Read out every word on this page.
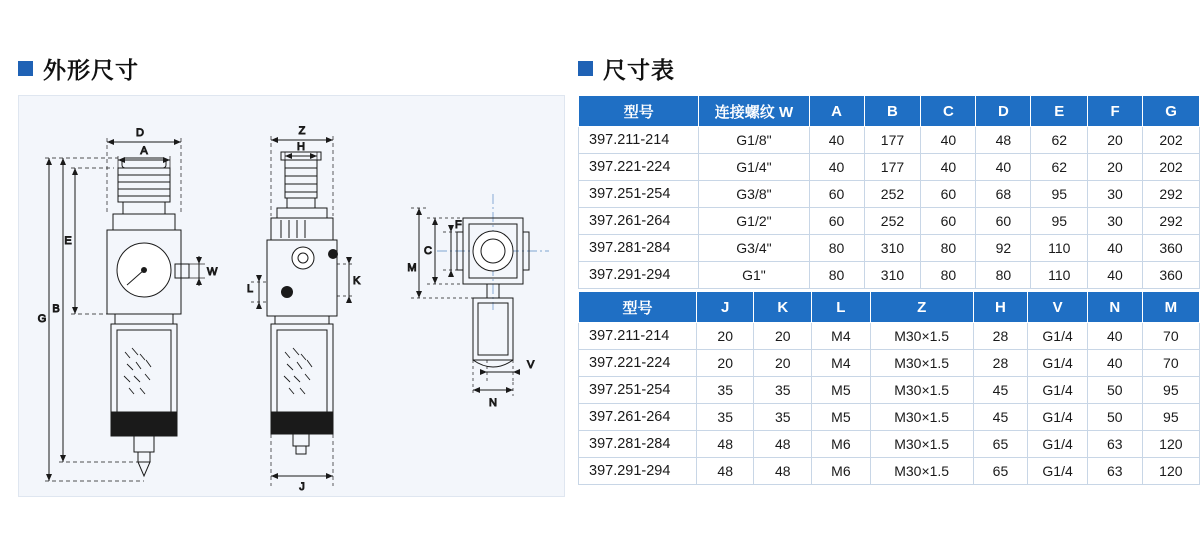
外形尺寸	尺寸表
D
A
E
W
B
G
Z
H
K
L
J
F
C
M
V
N
型号	连接螺纹 W	A	B	C	D	E	F	G
397.211-214	G1/8"	40	177	40	48	62	20	202
397.221-224	G1/4"	40	177	40	40	62	20	202
397.251-254	G3/8"	60	252	60	68	95	30	292
397.261-264	G1/2"	60	252	60	60	95	30	292
397.281-284	G3/4"	80	310	80	92	110	40	360
397.291-294	G1"	80	310	80	80	110	40	360
型号	J	K	L	Z	H	V	N	M
397.211-214	20	20	M4	M30×1.5	28	G1/4	40	70
397.221-224	20	20	M4	M30×1.5	28	G1/4	40	70
397.251-254	35	35	M5	M30×1.5	45	G1/4	50	95
397.261-264	35	35	M5	M30×1.5	45	G1/4	50	95
397.281-284	48	48	M6	M30×1.5	65	G1/4	63	120
397.291-294	48	48	M6	M30×1.5	65	G1/4	63	120
